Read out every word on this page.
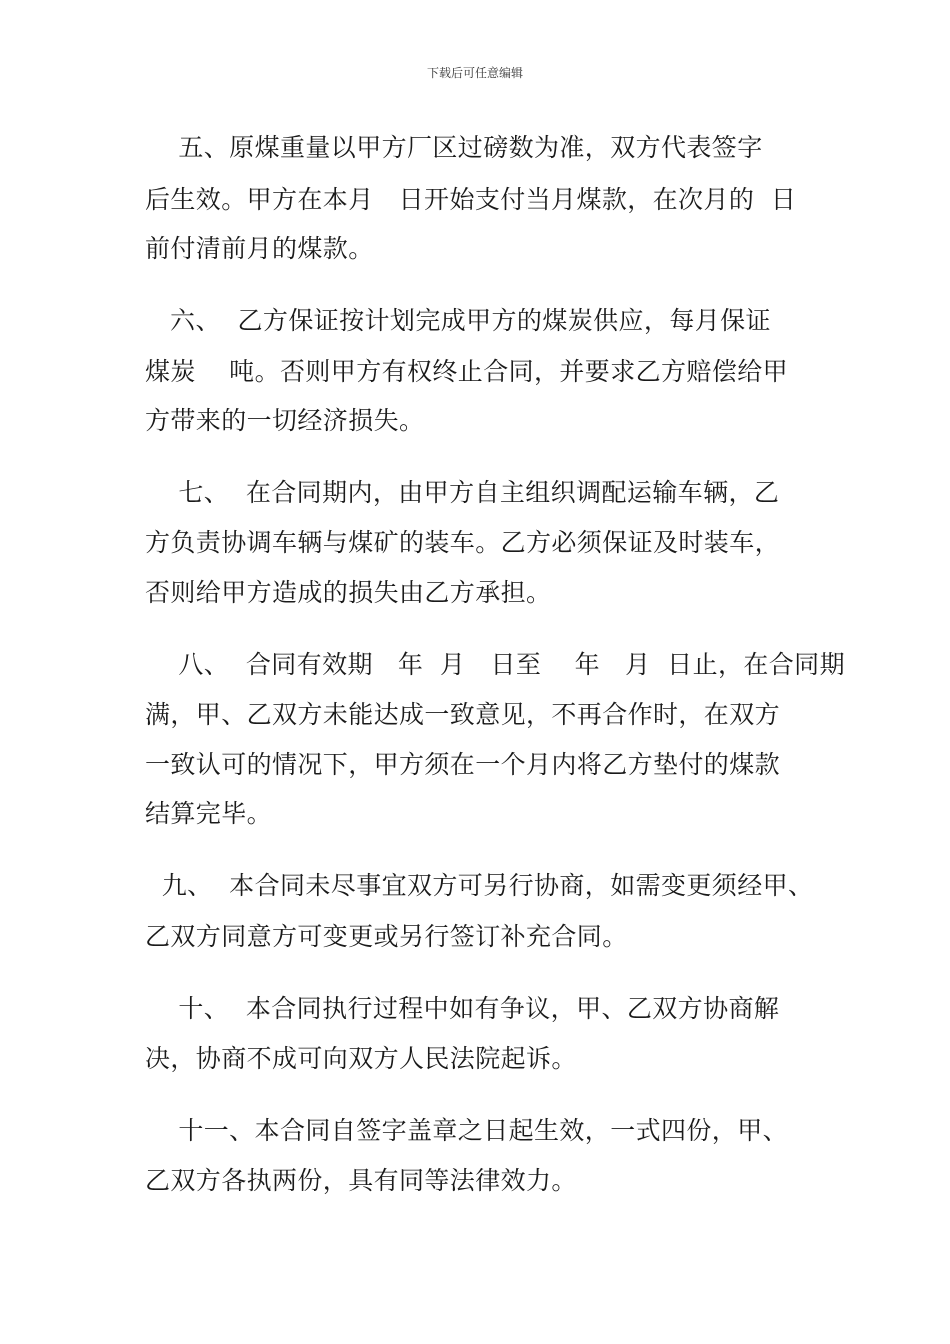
下载后可任意编辑
五、原煤重量以甲方厂区过磅数为准，双方代表签字
后生效。甲方在本月   日开始支付当月煤款，在次月的  日
前付清前月的煤款。
六、  乙方保证按计划完成甲方的煤炭供应，每月保证
煤炭    吨。否则甲方有权终止合同，并要求乙方赔偿给甲
方带来的一切经济损失。
七、  在合同期内，由甲方自主组织调配运输车辆，乙
方负责协调车辆与煤矿的装车。乙方必须保证及时装车，
否则给甲方造成的损失由乙方承担。
八、  合同有效期   年  月   日至    年   月  日止，在合同期
满，甲、乙双方未能达成一致意见，不再合作时，在双方
一致认可的情况下，甲方须在一个月内将乙方垫付的煤款
结算完毕。
九、  本合同未尽事宜双方可另行协商，如需变更须经甲、
乙双方同意方可变更或另行签订补充合同。
十、  本合同执行过程中如有争议，甲、乙双方协商解
决，协商不成可向双方人民法院起诉。
十一、本合同自签字盖章之日起生效，一式四份，甲、
乙双方各执两份，具有同等法律效力。
